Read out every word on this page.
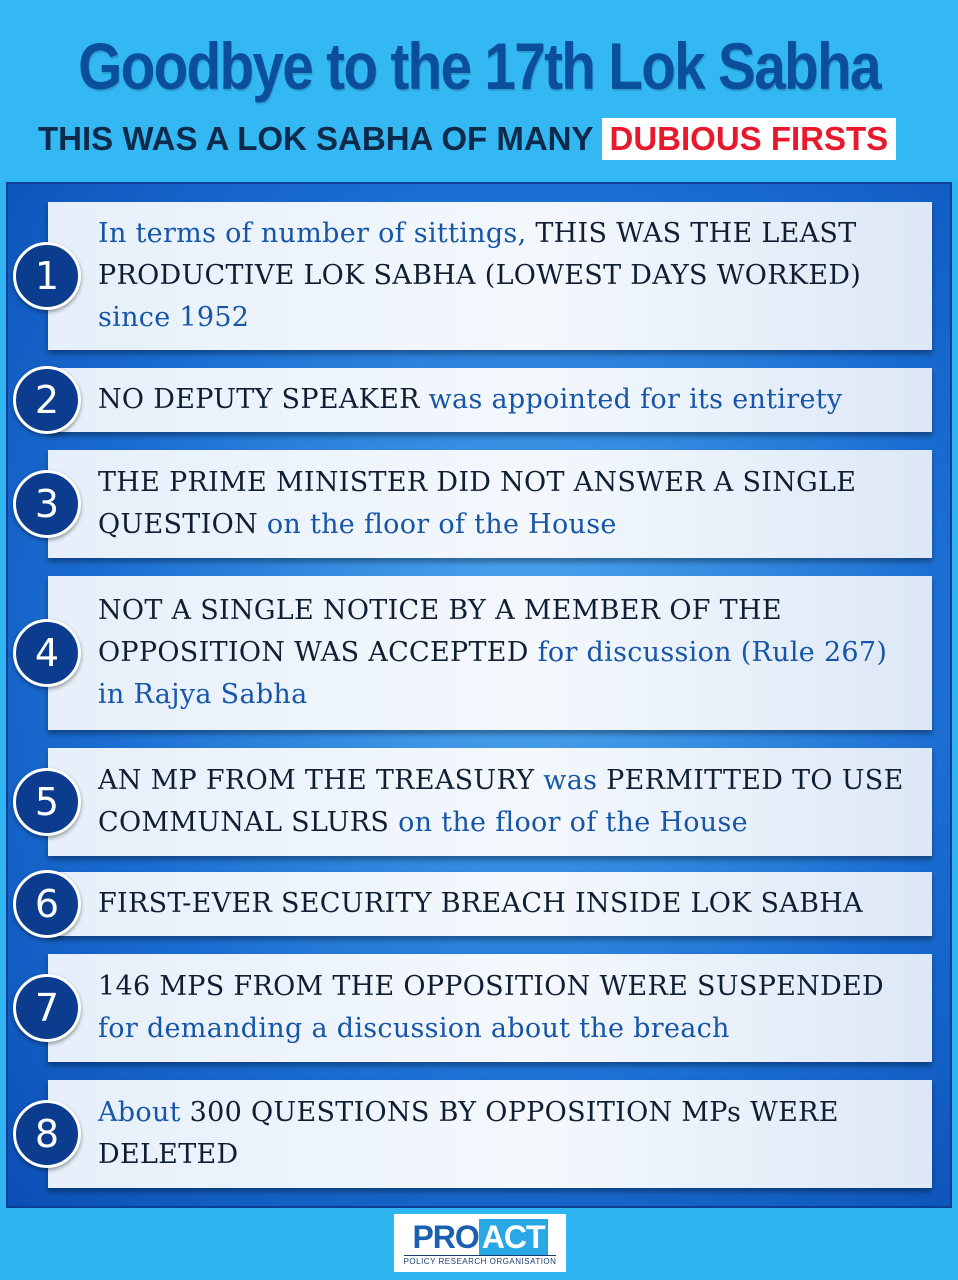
Goodbye to the 17th Lok Sabha
THIS WAS A LOK SABHA OF MANY DUBIOUS FIRSTS
In terms of number of sittings, THIS WAS THE LEAST PRODUCTIVE LOK SABHA (LOWEST DAYS WORKED) since 1952
1
NO DEPUTY SPEAKER was appointed for its entirety
2
THE PRIME MINISTER DID NOT ANSWER A SINGLE QUESTION on the floor of the House
3
NOT A SINGLE NOTICE BY A MEMBER OF THE OPPOSITION WAS ACCEPTED for discussion (Rule 267) in Rajya Sabha
4
AN MP FROM THE TREASURY was PERMITTED TO USE COMMUNAL SLURS on the floor of the House
5
FIRST-EVER SECURITY BREACH INSIDE LOK SABHA
6
146 MPS FROM THE OPPOSITION WERE SUSPENDED for demanding a discussion about the breach
7
About 300 QUESTIONS BY OPPOSITION MPs WERE DELETED
8
PROACT
POLICY RESEARCH ORGANISATION
